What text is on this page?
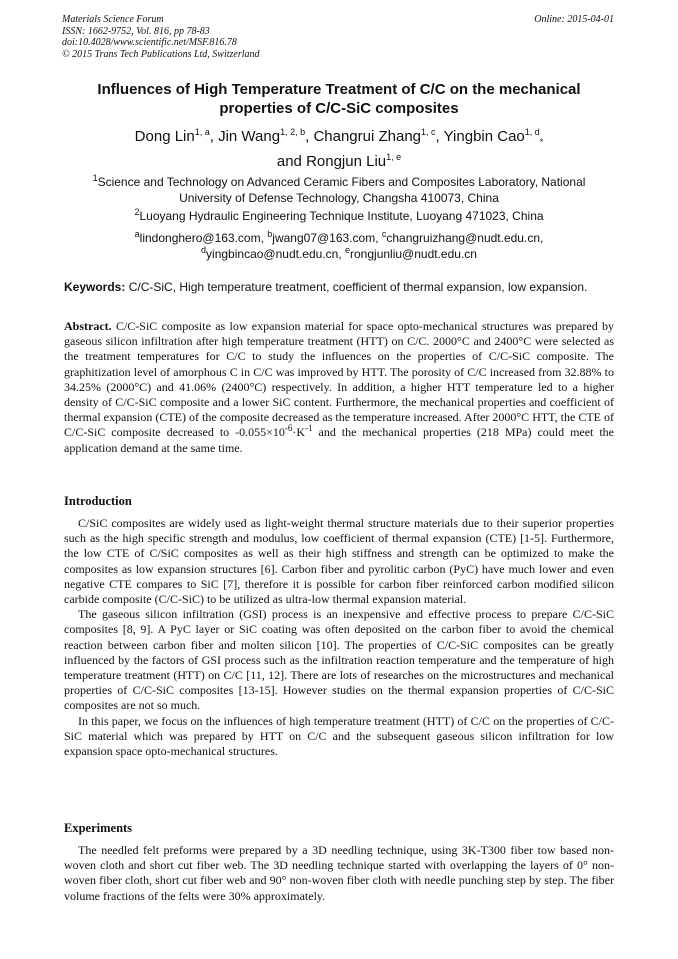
Materials Science Forum
ISSN: 1662-9752, Vol. 816, pp 78-83
doi:10.4028/www.scientific.net/MSF.816.78
© 2015 Trans Tech Publications Ltd, Switzerland
Online: 2015-04-01
Influences of High Temperature Treatment of C/C on the mechanical
properties of C/C-SiC composites
Dong Lin$^{1, a}$, Jin Wang$^{1, 2, b}$, Changrui Zhang$^{1, c}$, Yingbin Cao$^{1, d}_*$
and Rongjun Liu$^{1, e}$
$^1$Science and Technology on Advanced Ceramic Fibers and Composites Laboratory, National
University of Defense Technology, Changsha 410073, China
$^2$Luoyang Hydraulic Engineering Technique Institute, Luoyang 471023, China
$^a$lindonghero@163.com, $^b$jwang07@163.com, $^c$changruizhang@nudt.edu.cn,
$^d$yingbincao@nudt.edu.cn, $^e$rongjunliu@nudt.edu.cn
Keywords: C/C-SiC, High temperature treatment, coefficient of thermal expansion, low expansion.

Abstract. C/C-SiC composite as low expansion material for space opto-mechanical structures was prepared by gaseous silicon infiltration after high temperature treatment (HTT) on C/C. 2000°C and 2400°C were selected as the treatment temperatures for C/C to study the influences on the properties of C/C-SiC composite. The graphitization level of amorphous C in C/C was improved by HTT. The porosity of C/C increased from 32.88% to 34.25% (2000°C) and 41.06% (2400°C) respectively. In addition, a higher HTT temperature led to a higher density of C/C-SiC composite and a lower SiC content. Furthermore, the mechanical properties and coefficient of thermal expansion (CTE) of the composite decreased as the temperature increased. After 2000°C HTT, the CTE of C/C-SiC composite decreased to $-0.055\times 10^{-6}\cdot K^{-1}$ and the mechanical properties (218 MPa) could meet the application demand at the same time.

Introduction

C/SiC composites are widely used as light-weight thermal structure materials due to their superior properties such as the high specific strength and modulus, low coefficient of thermal expansion (CTE) [1-5]. Furthermore, the low CTE of C/SiC composites as well as their high stiffness and strength can be optimized to make the composites as low expansion structures [6]. Carbon fiber and pyrolitic carbon (PyC) have much lower and even negative CTE compares to SiC [7], therefore it is possible for carbon fiber reinforced carbon modified silicon carbide composite (C/C-SiC) to be utilized as ultra-low thermal expansion material.

The gaseous silicon infiltration (GSI) process is an inexpensive and effective process to prepare C/C-SiC composites [8, 9]. A PyC layer or SiC coating was often deposited on the carbon fiber to avoid the chemical reaction between carbon fiber and molten silicon [10]. The properties of C/C-SiC composites can be greatly influenced by the factors of GSI process such as the infiltration reaction temperature and the temperature of high temperature treatment (HTT) on C/C [11, 12]. There are lots of researches on the microstructures and mechanical properties of C/C-SiC composites [13-15]. However studies on the thermal expansion properties of C/C-SiC composites are not so much.

In this paper, we focus on the influences of high temperature treatment (HTT) of C/C on the properties of C/C-SiC material which was prepared by HTT on C/C and the subsequent gaseous silicon infiltration for low expansion space opto-mechanical structures.

Experiments

The needled felt preforms were prepared by a 3D needling technique, using 3K-T300 fiber tow based non-woven cloth and short cut fiber web. The 3D needling technique started with overlapping the layers of 0° non-woven fiber cloth, short cut fiber web and 90° non-woven fiber cloth with needle punching step by step. The fiber volume fractions of the felts were 30% approximately.
